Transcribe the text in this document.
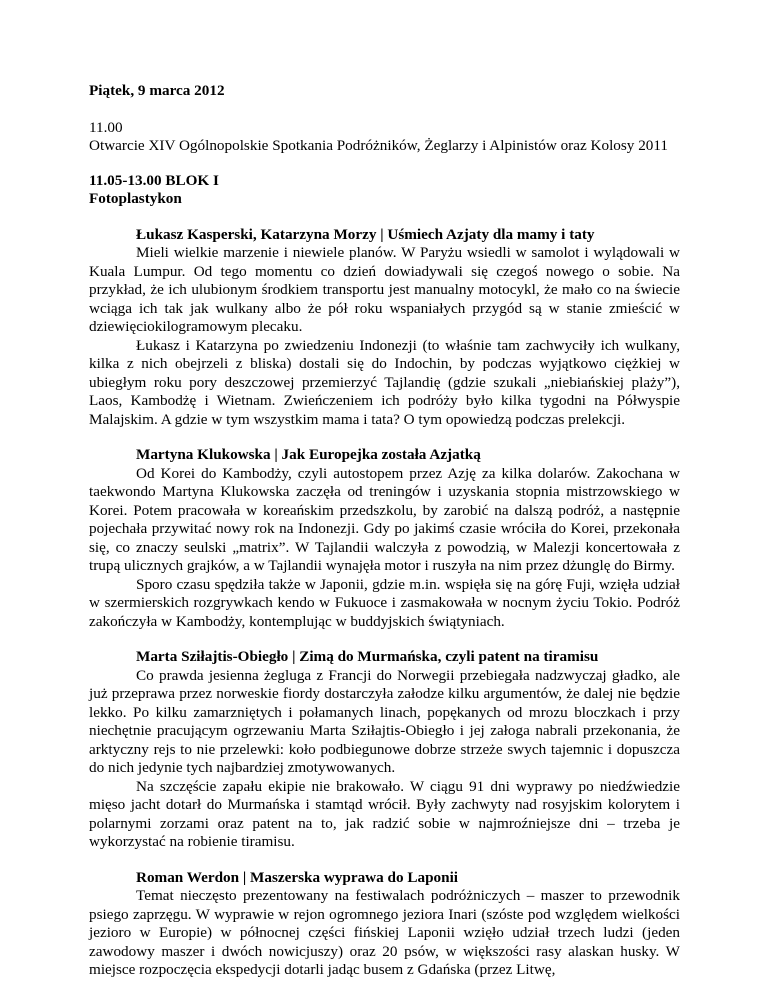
Piątek, 9 marca 2012

11.00

Otwarcie XIV Ogólnopolskie Spotkania Podróżników, Żeglarzy i Alpinistów oraz Kolosy 2011

11.05-13.00 BLOK I

Fotoplastykon

Łukasz Kasperski, Katarzyna Morzy | Uśmiech Azjaty dla mamy i taty

Mieli wielkie marzenie i niewiele planów. W Paryżu wsiedli w samolot i wylądowali w Kuala Lumpur. Od tego momentu co dzień dowiadywali się czegoś nowego o sobie. Na przykład, że ich ulubionym środkiem transportu jest manualny motocykl, że mało co na świecie wciąga ich tak jak wulkany albo że pół roku wspaniałych przygód są w stanie zmieścić w dziewięciokilogramowym plecaku.

Łukasz i Katarzyna po zwiedzeniu Indonezji (to właśnie tam zachwyciły ich wulkany, kilka z nich obejrzeli z bliska) dostali się do Indochin, by podczas wyjątkowo ciężkiej w ubiegłym roku pory deszczowej przemierzyć Tajlandię (gdzie szukali „niebiańskiej plaży”), Laos, Kambodżę i Wietnam. Zwieńczeniem ich podróży było kilka tygodni na Półwyspie Malajskim. A gdzie w tym wszystkim mama i tata? O tym opowiedzą podczas prelekcji.

Martyna Klukowska | Jak Europejka została Azjatką

Od Korei do Kambodży, czyli autostopem przez Azję za kilka dolarów. Zakochana w taekwondo Martyna Klukowska zaczęła od treningów i uzyskania stopnia mistrzowskiego w Korei. Potem pracowała w koreańskim przedszkolu, by zarobić na dalszą podróż, a następnie pojechała przywitać nowy rok na Indonezji. Gdy po jakimś czasie wróciła do Korei, przekonała się, co znaczy seulski „matrix”. W Tajlandii walczyła z powodzią, w Malezji koncertowała z trupą ulicznych grajków, a w Tajlandii wynajęła motor i ruszyła na nim przez dżunglę do Birmy.

Sporo czasu spędziła także w Japonii, gdzie m.in. wspięła się na górę Fuji, wzięła udział w szermierskich rozgrywkach kendo w Fukuoce i zasmakowała w nocnym życiu Tokio. Podróż zakończyła w Kambodży, kontemplując w buddyjskich świątyniach.

Marta Sziłajtis-Obiegło | Zimą do Murmańska, czyli patent na tiramisu

Co prawda jesienna żegluga z Francji do Norwegii przebiegała nadzwyczaj gładko, ale już przeprawa przez norweskie fiordy dostarczyła załodze kilku argumentów, że dalej nie będzie lekko. Po kilku zamarzniętych i połamanych linach, popękanych od mrozu bloczkach i przy niechętnie pracującym ogrzewaniu Marta Sziłajtis-Obiegło i jej załoga nabrali przekonania, że arktyczny rejs to nie przelewki: koło podbiegunowe dobrze strzeże swych tajemnic i dopuszcza do nich jedynie tych najbardziej zmotywowanych.

Na szczęście zapału ekipie nie brakowało. W ciągu 91 dni wyprawy po niedźwiedzie mięso jacht dotarł do Murmańska i stamtąd wrócił. Były zachwyty nad rosyjskim kolorytem i polarnymi zorzami oraz patent na to, jak radzić sobie w najmroźniejsze dni – trzeba je wykorzystać na robienie tiramisu.

Roman Werdon | Maszerska wyprawa do Laponii

Temat nieczęsto prezentowany na festiwalach podróżniczych – maszer to przewodnik psiego zaprzęgu. W wyprawie w rejon ogromnego jeziora Inari (szóste pod względem wielkości jezioro w Europie) w północnej części fińskiej Laponii wzięło udział trzech ludzi (jeden zawodowy maszer i dwóch nowicjuszy) oraz 20 psów, w większości rasy alaskan husky. W miejsce rozpoczęcia ekspedycji dotarli jadąc busem z Gdańska (przez Litwę,
